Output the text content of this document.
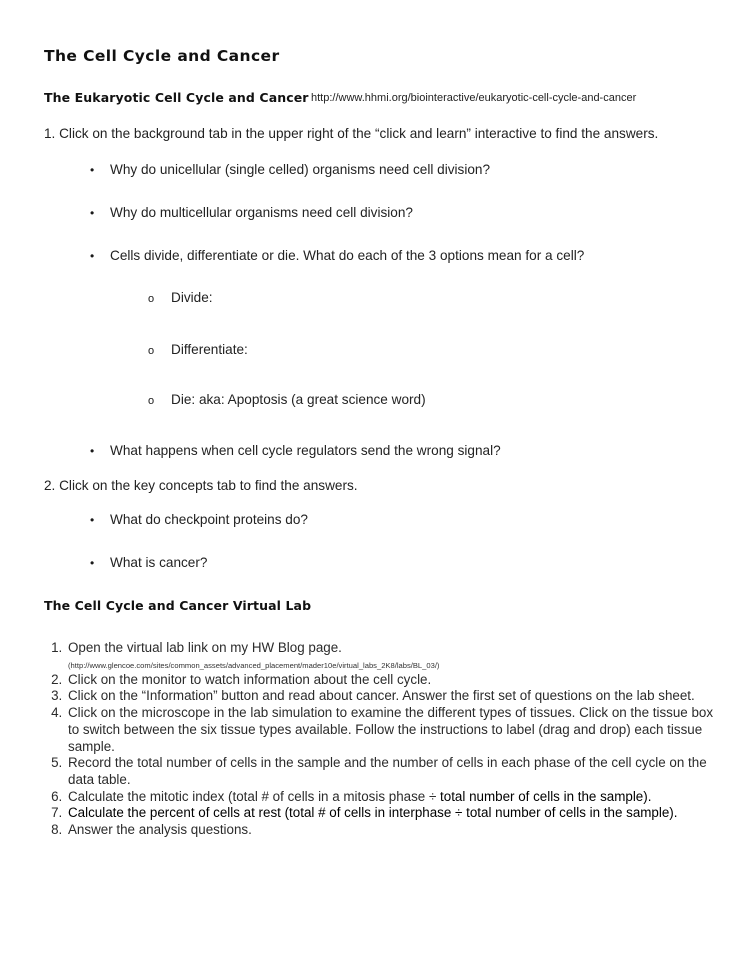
The Cell Cycle and Cancer
The Eukaryotic Cell Cycle and Cancer http://www.hhmi.org/biointeractive/eukaryotic-cell-cycle-and-cancer
1. Click on the background tab in the upper right of the “click and learn” interactive to find the answers.
• Why do unicellular (single celled) organisms need cell division?
• Why do multicellular organisms need cell division?
• Cells divide, differentiate or die. What do each of the 3 options mean for a cell?
o Divide:
o Differentiate:
o Die: aka: Apoptosis (a great science word)
• What happens when cell cycle regulators send the wrong signal?
2. Click on the key concepts tab to find the answers.
• What do checkpoint proteins do?
• What is cancer?
The Cell Cycle and Cancer Virtual Lab
1. Open the virtual lab link on my HW Blog page.
(http://www.glencoe.com/sites/common_assets/advanced_placement/mader10e/virtual_labs_2K8/labs/BL_03/)
2. Click on the monitor to watch information about the cell cycle.
3. Click on the “Information” button and read about cancer. Answer the first set of questions on the lab sheet.
4. Click on the microscope in the lab simulation to examine the different types of tissues. Click on the tissue box to switch between the six tissue types available. Follow the instructions to label (drag and drop) each tissue sample.
5. Record the total number of cells in the sample and the number of cells in each phase of the cell cycle on the data table.
6. Calculate the mitotic index (total # of cells in a mitosis phase ÷ total number of cells in the sample).
7. Calculate the percent of cells at rest (total # of cells in interphase ÷ total number of cells in the sample).
8. Answer the analysis questions.
